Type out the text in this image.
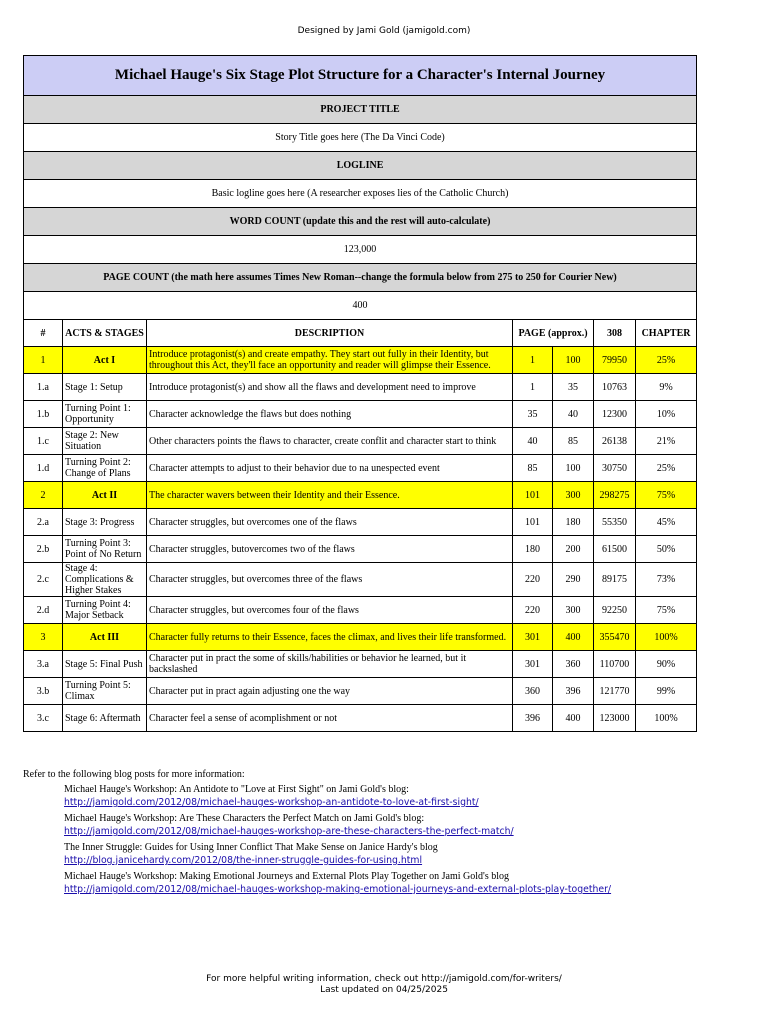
Designed by Jami Gold (jamigold.com)
Michael Hauge's Six Stage Plot Structure for a Character's Internal Journey						
PROJECT TITLE						
Story Title goes here (The Da Vinci Code)						
LOGLINE						
Basic logline goes here (A researcher exposes lies of the Catholic Church)						
WORD COUNT (update this and the rest will auto-calculate)						
123,000						
PAGE COUNT (the math here assumes Times New Roman--change the formula below from 275 to 250 for Courier New)						
400						
#	ACTS & STAGES	DESCRIPTION	PAGE (approx.)		308	CHAPTER
1	Act I	Introduce protagonist(s) and create empathy. They start out fully in their Identity, but throughout this Act, they'll face an opportunity and reader will glimpse their Essence.	1	100	79950	25%
1.a	Stage 1: Setup	Introduce protagonist(s) and show all the flaws and development need to improve	1	35	10763	9%
1.b	Turning Point 1: Opportunity	Character acknowledge the flaws but does nothing	35	40	12300	10%
1.c	Stage 2: New Situation	Other characters points the flaws to character, create conflit and character start to think	40	85	26138	21%
1.d	Turning Point 2: Change of Plans	Character attempts to adjust to their behavior due to na unespected event	85	100	30750	25%
2	Act II	The character wavers between their Identity and their Essence.	101	300	298275	75%
2.a	Stage 3: Progress	Character struggles, but overcomes one of the flaws	101	180	55350	45%
2.b	Turning Point 3: Point of No Return	Character struggles, butovercomes two of the flaws	180	200	61500	50%
2.c	Stage 4: Complications & Higher Stakes	Character struggles, but overcomes three of the flaws	220	290	89175	73%
2.d	Turning Point 4: Major Setback	Character struggles, but overcomes four of the flaws	220	300	92250	75%
3	Act III	Character fully returns to their Essence, faces the climax, and lives their life transformed.	301	400	355470	100%
3.a	Stage 5: Final Push	Character put in pract the some of skills/habilities or behavior he learned, but it backslashed	301	360	110700	90%
3.b	Turning Point 5: Climax	Character put in pract again adjusting one the way	360	396	121770	99%
3.c	Stage 6: Aftermath	Character feel a sense of acomplishment or not	396	400	123000	100%
Refer to the following blog posts for more information:
Michael Hauge's Workshop: An Antidote to "Love at First Sight" on Jami Gold's blog:
http://jamigold.com/2012/08/michael-hauges-workshop-an-antidote-to-love-at-first-sight/
Michael Hauge's Workshop: Are These Characters the Perfect Match on Jami Gold's blog:
http://jamigold.com/2012/08/michael-hauges-workshop-are-these-characters-the-perfect-match/
The Inner Struggle: Guides for Using Inner Conflict That Make Sense on Janice Hardy's blog
http://blog.janicehardy.com/2012/08/the-inner-struggle-guides-for-using.html
Michael Hauge's Workshop: Making Emotional Journeys and External Plots Play Together on Jami Gold's blog
http://jamigold.com/2012/08/michael-hauges-workshop-making-emotional-journeys-and-external-plots-play-together/
For more helpful writing information, check out http://jamigold.com/for-writers/
Last updated on 04/25/2025
